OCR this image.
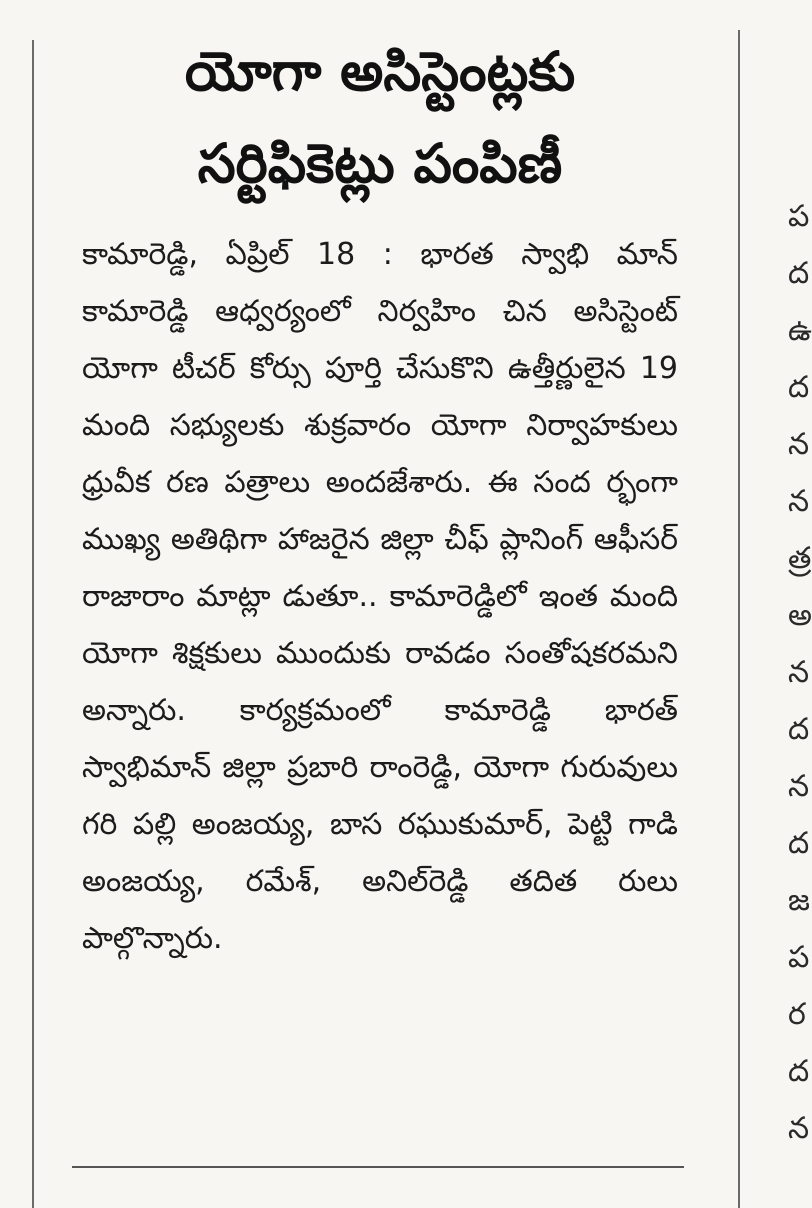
యోగా అసిస్టెంట్లకు
సర్టిఫికెట్లు పంపిణీ
కామారెడ్డి, ఏప్రిల్ 18 : భారత స్వాభి మాన్ కామారెడ్డి ఆధ్వర్యంలో నిర్వహిం చిన అసిస్టెంట్ యోగా టీచర్ కోర్సు పూర్తి చేసుకొని ఉత్తీర్ణులైన 19 మంది సభ్యులకు శుక్రవారం యోగా నిర్వాహకులు ధ్రువీక రణ పత్రాలు అందజేశారు. ఈ సంద ర్భంగా ముఖ్య అతిథిగా హాజరైన జిల్లా చీఫ్ ప్లానింగ్ ఆఫీసర్ రాజారాం మాట్లా డుతూ.. కామారెడ్డిలో ఇంత మంది యోగా శిక్షకులు ముందుకు రావడం సంతోషకరమని అన్నారు. కార్యక్రమంలో కామారెడ్డి భారత్ స్వాభిమాన్ జిల్లా ప్రబారి రాంరెడ్డి, యోగా గురువులు గరి పల్లి అంజయ్య, బాస రఘుకుమార్, పెట్టి గాడి అంజయ్య, రమేశ్, అనిల్‌రెడ్డి తదిత రులు పాల్గొన్నారు.
ప
ద
ఉ
ద
న
న
త్ర
అ
న
ద
న
ద
జ
ప
ర
ద
న
